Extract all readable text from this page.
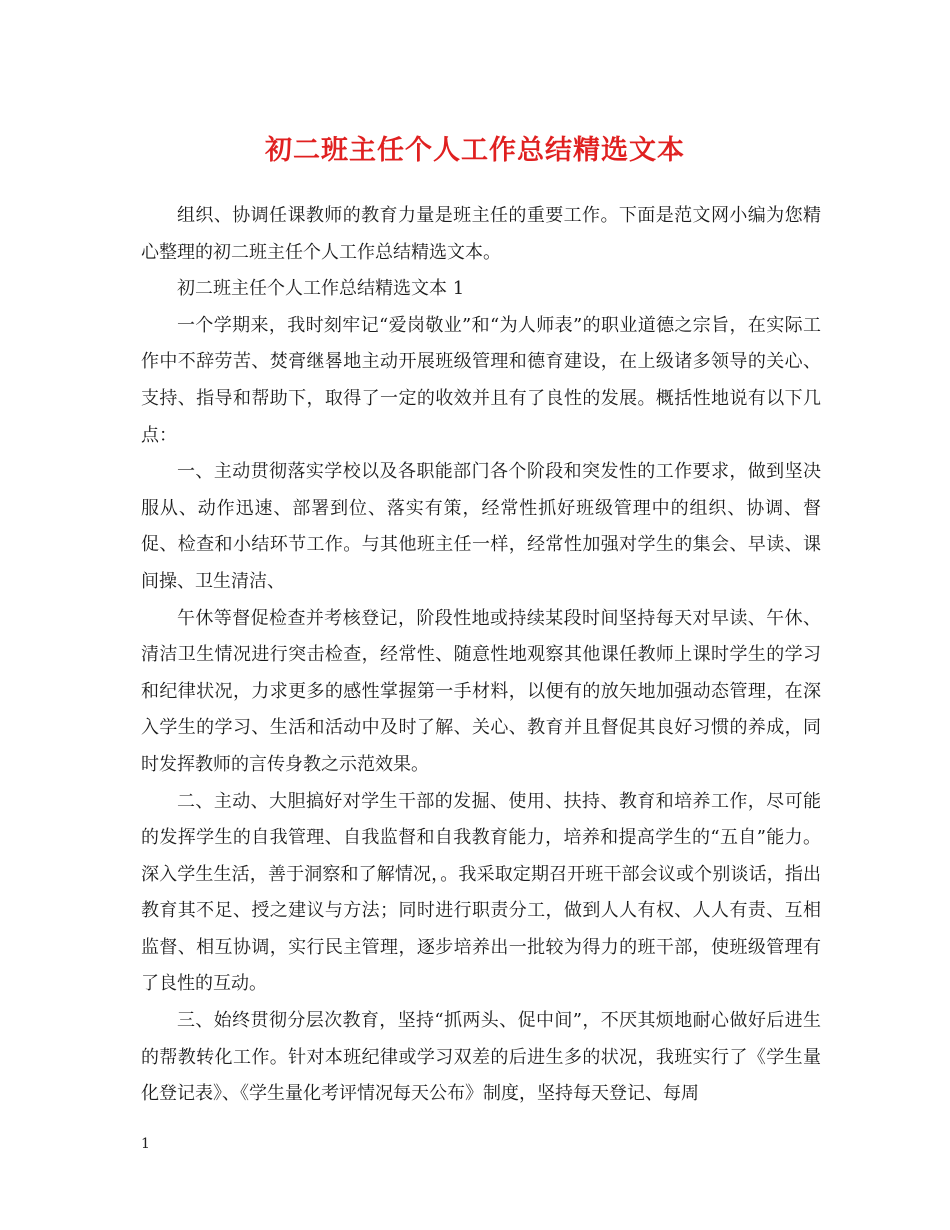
初二班主任个人工作总结精选文本

组织、协调任课教师的教育力量是班主任的重要工作。下面是范文网小编为您精心整理的初二班主任个人工作总结精选文本。

初二班主任个人工作总结精选文本 1

一个学期来，我时刻牢记“爱岗敬业”和“为人师表”的职业道德之宗旨，在实际工作中不辞劳苦、焚膏继晷地主动开展班级管理和德育建设，在上级诸多领导的关心、支持、指导和帮助下，取得了一定的收效并且有了良性的发展。概括性地说有以下几点：

一、主动贯彻落实学校以及各职能部门各个阶段和突发性的工作要求，做到坚决服从、动作迅速、部署到位、落实有策，经常性抓好班级管理中的组织、协调、督促、检查和小结环节工作。与其他班主任一样，经常性加强对学生的集会、早读、课间操、卫生清洁、

午休等督促检查并考核登记，阶段性地或持续某段时间坚持每天对早读、午休、清洁卫生情况进行突击检查，经常性、随意性地观察其他课任教师上课时学生的学习和纪律状况，力求更多的感性掌握第一手材料，以便有的放矢地加强动态管理，在深入学生的学习、生活和活动中及时了解、关心、教育并且督促其良好习惯的养成，同时发挥教师的言传身教之示范效果。

二、主动、大胆搞好对学生干部的发掘、使用、扶持、教育和培养工作，尽可能的发挥学生的自我管理、自我监督和自我教育能力，培养和提高学生的“五自”能力。深入学生生活，善于洞察和了解情况，。我采取定期召开班干部会议或个别谈话，指出教育其不足、授之建议与方法；同时进行职责分工，做到人人有权、人人有责、互相监督、相互协调，实行民主管理，逐步培养出一批较为得力的班干部，使班级管理有了良性的互动。

三、始终贯彻分层次教育，坚持“抓两头、促中间”，不厌其烦地耐心做好后进生的帮教转化工作。针对本班纪律或学习双差的后进生多的状况，我班实行了《学生量化登记表》、《学生量化考评情况每天公布》制度，坚持每天登记、每周

1
